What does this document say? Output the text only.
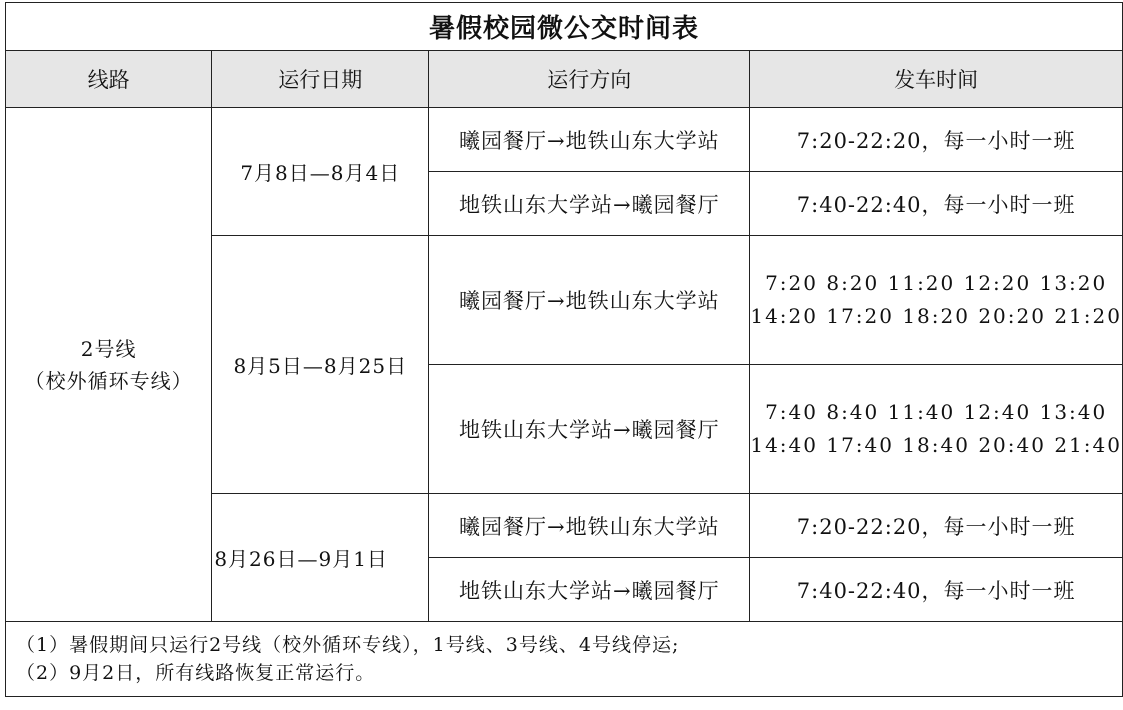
暑假校园微公交时间表			
线路	运行日期	运行方向	发车时间

2号线
（校外循环专线）	7月8日—8月4日	曦园餐厅→地铁山东大学站	7:20-22:20，每一小时一班
		地铁山东大学站→曦园餐厅	7:40-22:40，每一小时一班
	8月5日—8月25日	曦园餐厅→地铁山东大学站	7:20 8:20 11:20 12:20 13:20
14:20 17:20 18:20 20:20 21:20

		地铁山东大学站→曦园餐厅	7:40 8:40 11:40 12:40 13:40
14:40 17:40 18:40 20:40 21:40

	8月26日—9月1日	曦园餐厅→地铁山东大学站	7:20-22:20，每一小时一班
		地铁山东大学站→曦园餐厅	7:40-22:40，每一小时一班

（1）暑假期间只运行2号线（校外循环专线），1号线、3号线、4号线停运;
（2）9月2日，所有线路恢复正常运行。			
